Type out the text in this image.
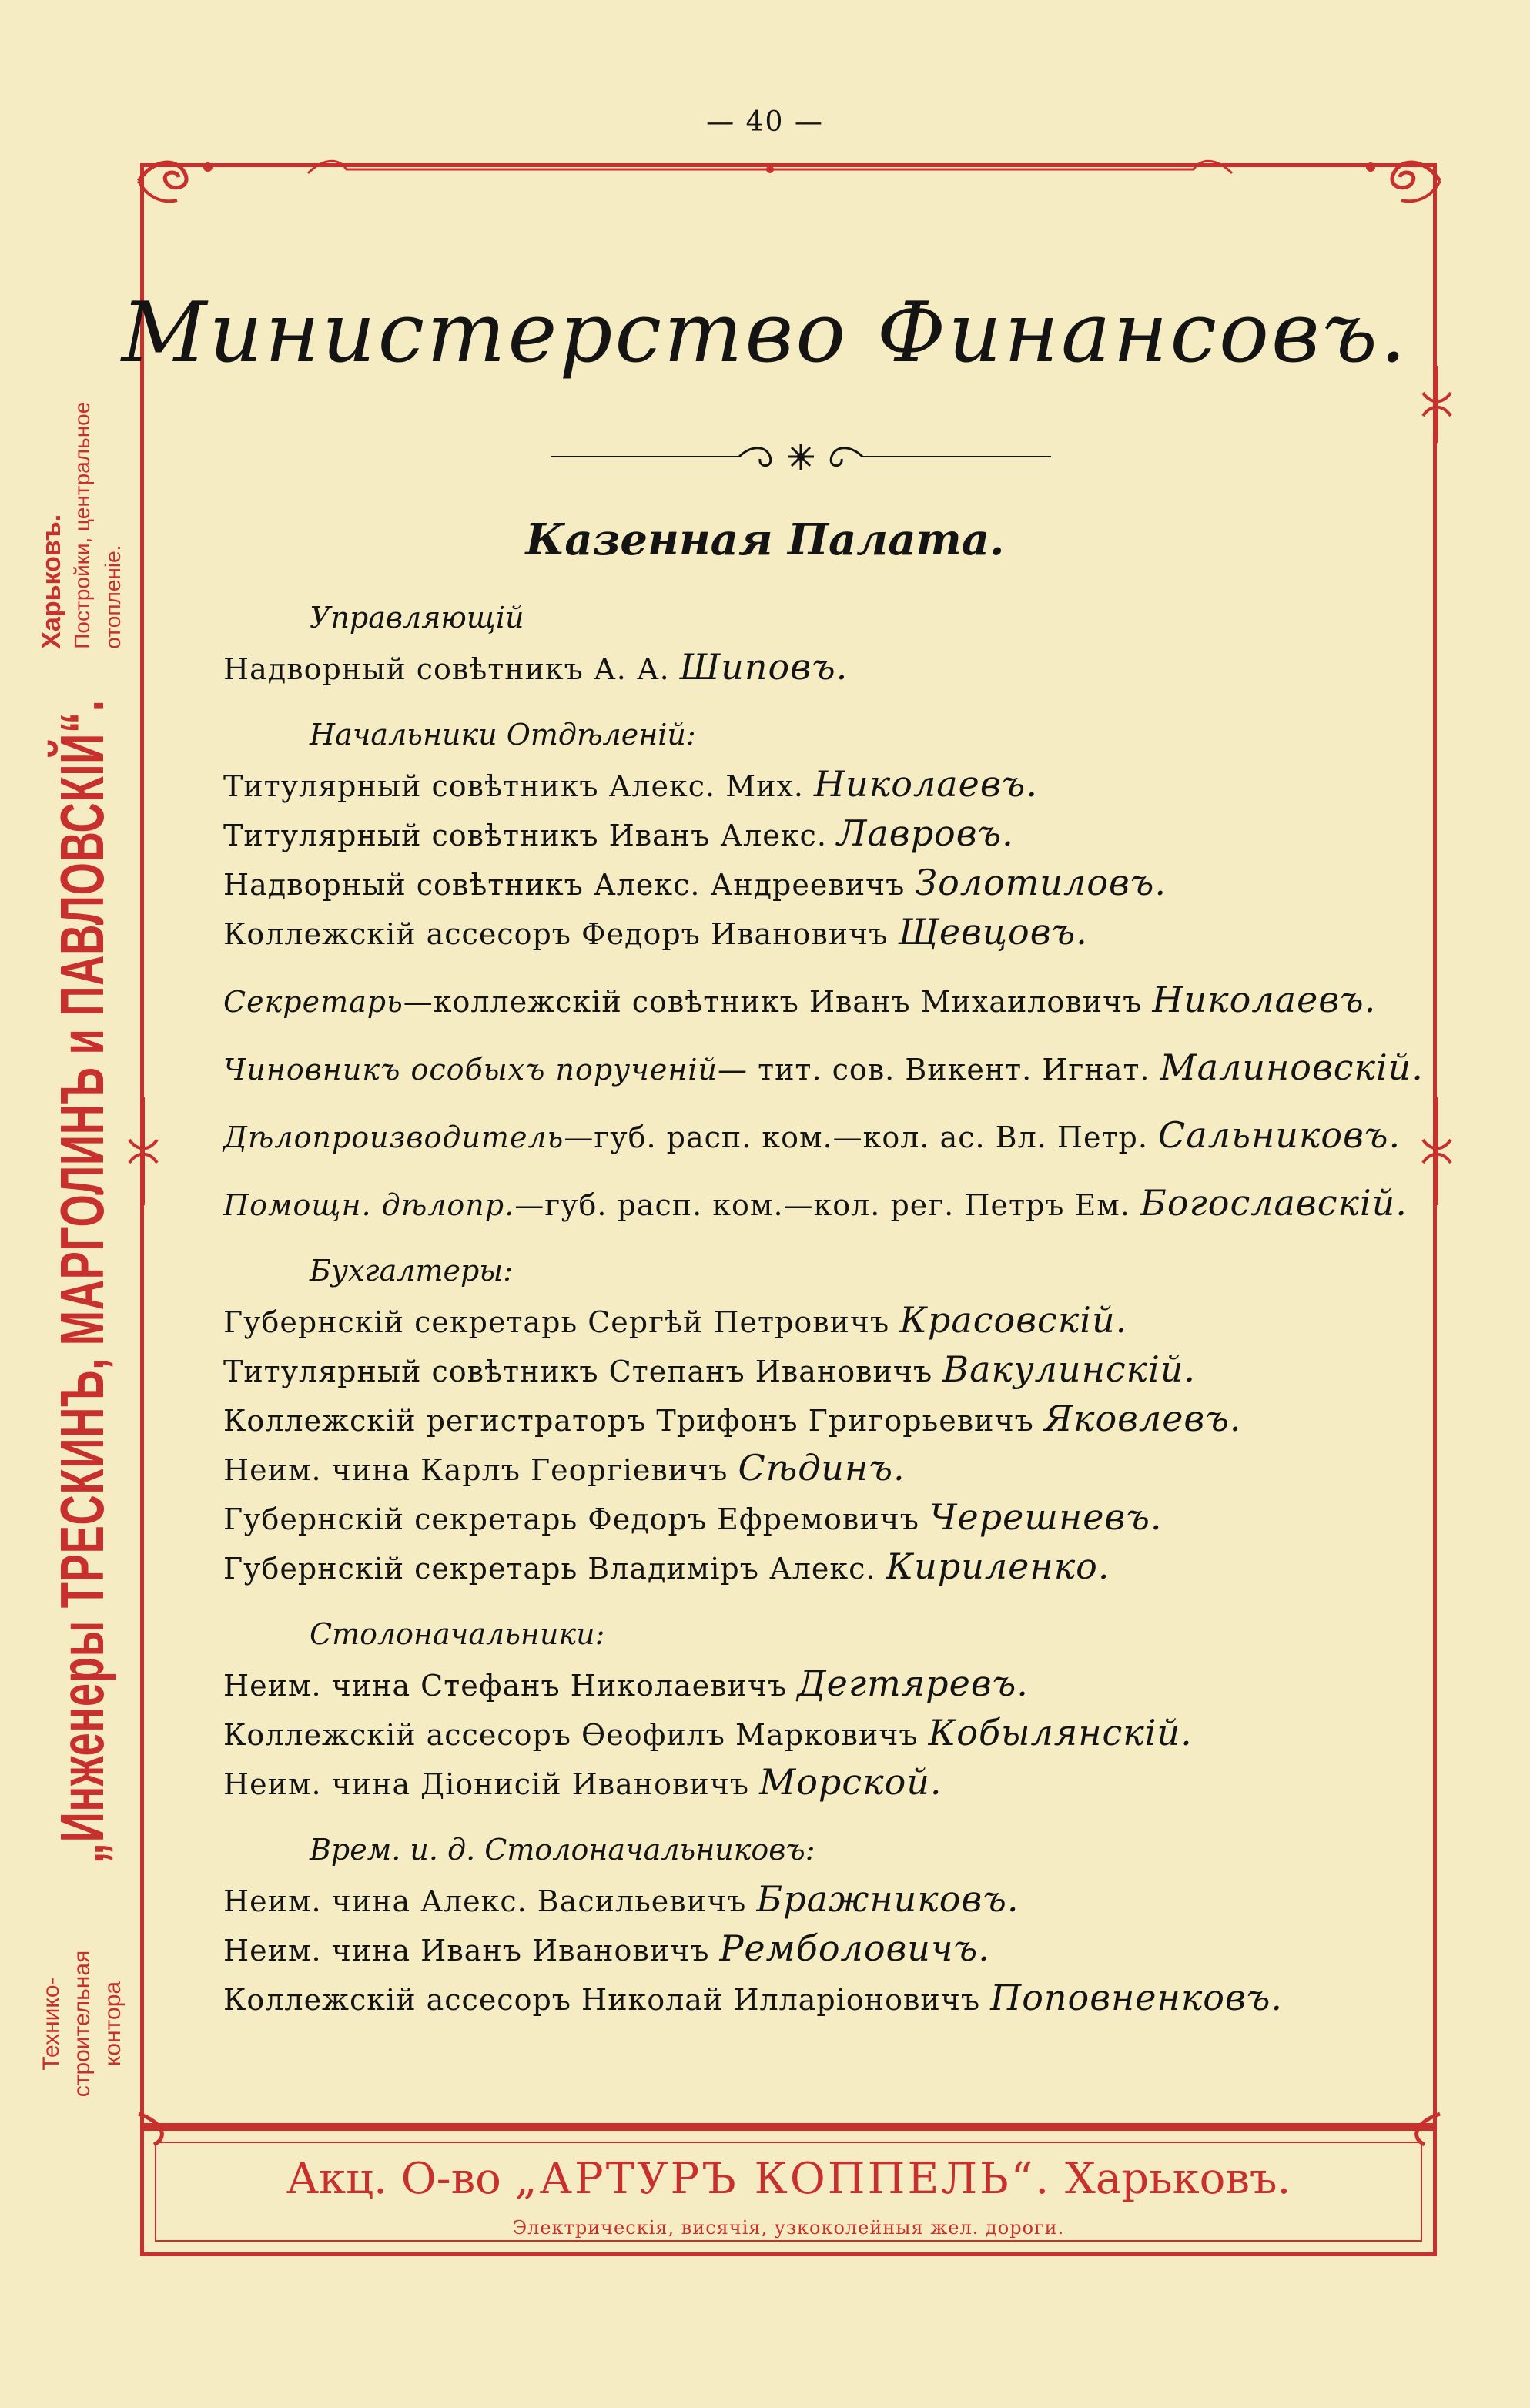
— 40 —
Технико-строительная контора
„Инженеры ТРЕСКИНЪ, МАРГОЛИНЪ и ПАВЛОВСКІЙ“.
Харьковъ. Постройки, центральное отопленіе.
Министерство Финансовъ.
Казенная Палата.
Управляющій
Надворный совѣтникъ А. А. Шиповъ.
Начальники Отдѣленій:
Титулярный совѣтникъ Алекс. Мих. Николаевъ.
Титулярный совѣтникъ Иванъ Алекс. Лавровъ.
Надворный совѣтникъ Алекс. Андреевичъ Золотиловъ.
Коллежскій ассесоръ Федоръ Ивановичъ Щевцовъ.
Секретарь—коллежскій совѣтникъ Иванъ Михаиловичъ Николаевъ.
Чиновникъ особыхъ порученій— тит. сов. Викент. Игнат. Малиновскій.
Дѣлопроизводитель—губ. расп. ком.—кол. ас. Вл. Петр. Сальниковъ.
Помощн. дѣлопр.—губ. расп. ком.—кол. рег. Петръ Ем. Богославскій.
Бухгалтеры:
Губернскій секретарь Сергѣй Петровичъ Красовскій.
Титулярный совѣтникъ Степанъ Ивановичъ Вакулинскій.
Коллежскій регистраторъ Трифонъ Григорьевичъ Яковлевъ.
Неим. чина Карлъ Георгіевичъ Сѣдинъ.
Губернскій секретарь Федоръ Ефремовичъ Черешневъ.
Губернскій секретарь Владиміръ Алекс. Кириленко.
Столоначальники:
Неим. чина Стефанъ Николаевичъ Дегтяревъ.
Коллежскій ассесоръ Ѳеофилъ Марковичъ Кобылянскій.
Неим. чина Діонисій Ивановичъ Морской.
Врем. и. д. Столоначальниковъ:
Неим. чина Алекс. Васильевичъ Бражниковъ.
Неим. чина Иванъ Ивановичъ Ремболовичъ.
Коллежскій ассесоръ Николай Илларіоновичъ Поповненковъ.
Акц. О-во „АРТУРЪ КОППЕЛЬ“. Харьковъ.
Электрическія, висячія, узкоколейныя жел. дороги.
